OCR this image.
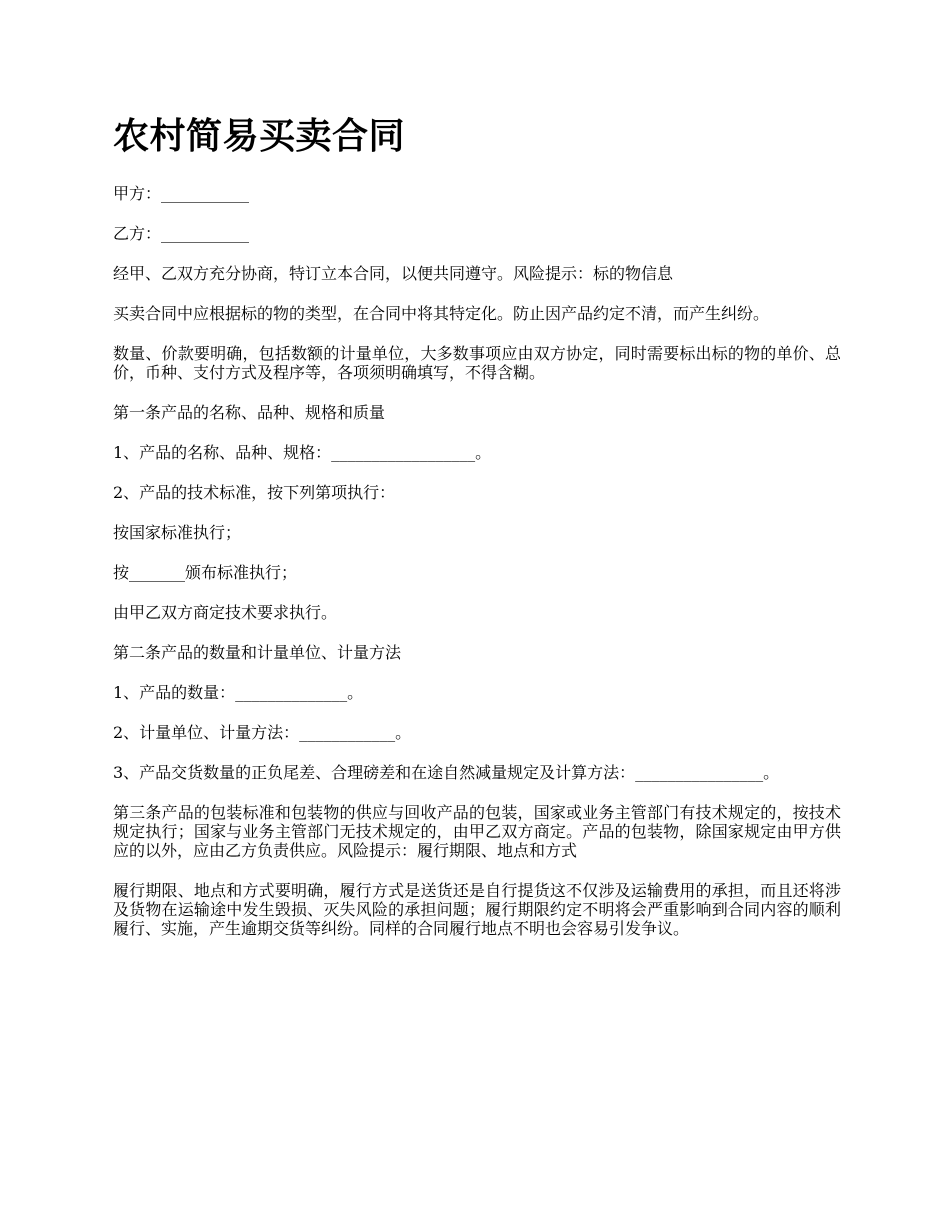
农村简易买卖合同

甲方：___________

乙方：___________

经甲、乙双方充分协商，特订立本合同，以便共同遵守。风险提示：标的物信息

买卖合同中应根据标的物的类型，在合同中将其特定化。防止因产品约定不清，而产生纠纷。

数量、价款要明确，包括数额的计量单位，大多数事项应由双方协定，同时需要标出标的物的单价、总价，币种、支付方式及程序等，各项须明确填写，不得含糊。

第一条产品的名称、品种、规格和质量

1、产品的名称、品种、规格：__________________。

2、产品的技术标准，按下列第项执行：

按国家标准执行；

按_______颁布标准执行；

由甲乙双方商定技术要求执行。

第二条产品的数量和计量单位、计量方法

1、产品的数量：______________。

2、计量单位、计量方法：____________。

3、产品交货数量的正负尾差、合理磅差和在途自然减量规定及计算方法：________________。

第三条产品的包装标准和包装物的供应与回收产品的包装，国家或业务主管部门有技术规定的，按技术规定执行；国家与业务主管部门无技术规定的，由甲乙双方商定。产品的包装物，除国家规定由甲方供应的以外，应由乙方负责供应。风险提示：履行期限、地点和方式

履行期限、地点和方式要明确，履行方式是送货还是自行提货这不仅涉及运输费用的承担，而且还将涉及货物在运输途中发生毁损、灭失风险的承担问题；履行期限约定不明将会严重影响到合同内容的顺利履行、实施，产生逾期交货等纠纷。同样的合同履行地点不明也会容易引发争议。
